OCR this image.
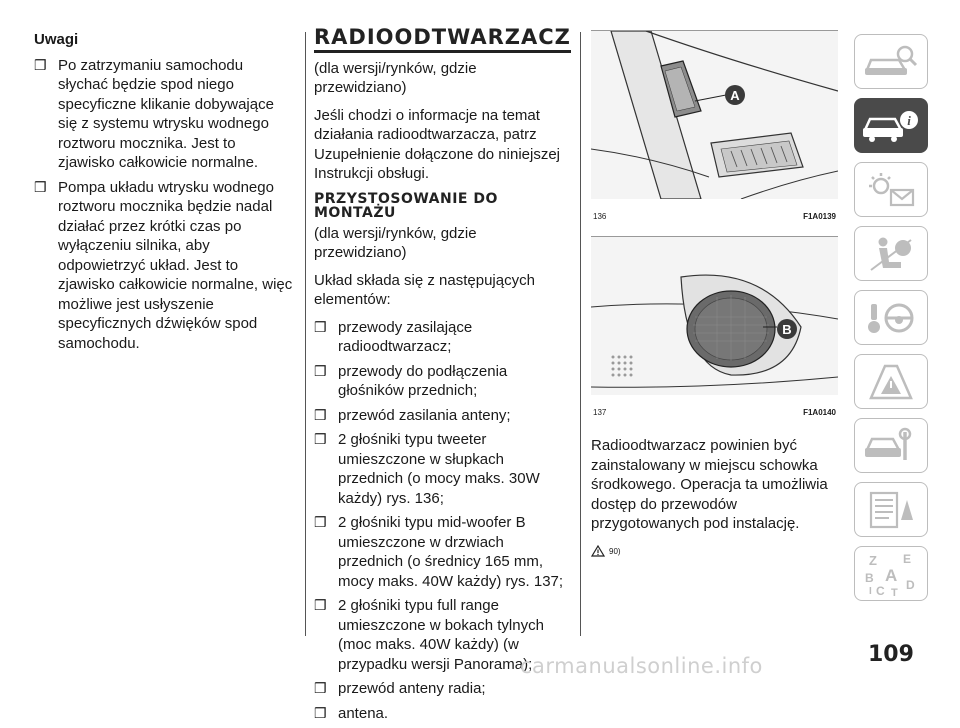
Uwagi
❒ Po zatrzymaniu samochodu słychać będzie spod niego specyficzne klikanie dobywające się z systemu wtrysku wodnego roztworu mocznika. Jest to zjawisko całkowicie normalne.
❒ Pompa układu wtrysku wodnego roztworu mocznika będzie nadal działać przez krótki czas po wyłączeniu silnika, aby odpowietrzyć układ. Jest to zjawisko całkowicie normalne, więc możliwe jest usłyszenie specyficznych dźwięków spod samochodu.
RADIOODTWARZACZ

(dla wersji/rynków, gdzie przewidziano)

Jeśli chodzi o informacje na temat działania radioodtwarzacza, patrz Uzupełnienie dołączone do niniejszej Instrukcji obsługi.

PRZYSTOSOWANIE DO
MONTAŻU

(dla wersji/rynków, gdzie przewidziano)

Układ składa się z następujących elementów:

❒ przewody zasilające radioodtwarzacz;
❒ przewody do podłączenia głośników przednich;
❒ przewód zasilania anteny;
❒ 2 głośniki typu tweeter umieszczone w słupkach przednich (o mocy maks. 30W każdy) rys. 136;
❒ 2 głośniki typu mid-woofer B umieszczone w drzwiach przednich (o średnicy 165 mm, mocy maks. 40W każdy) rys. 137;
❒ 2 głośniki typu full range umieszczone w bokach tylnych (moc maks. 40W każdy) (w przypadku wersji Panorama);
❒ przewód anteny radia;
❒ antena.
A
136	F1A0139
B
137	F1A0140

Radioodtwarzacz powinien być zainstalowany w miejscu schowka środkowego. Operacja ta umożliwia dostęp do przewodów przygotowanych pod instalację.

90)
i
Z E
B A
I C T
D
109
carmanualsonline.info
